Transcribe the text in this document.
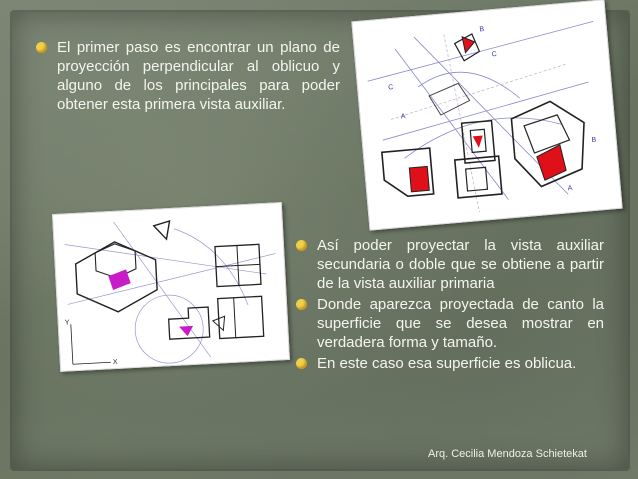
El primer paso es encontrar un plano de proyección perpendicular al oblicuo y alguno de los principales para poder obtener esta primera vista auxiliar.
B
C
A
C
A
B
Y
X
Así poder proyectar la vista auxiliar secundaria o doble que se obtiene a partir de la vista auxiliar primaria
Donde aparezca proyectada de canto la superficie que se desea mostrar en verdadera forma y tamaño.
En este caso esa superficie es oblicua.
Arq. Cecilia Mendoza Schietekat
